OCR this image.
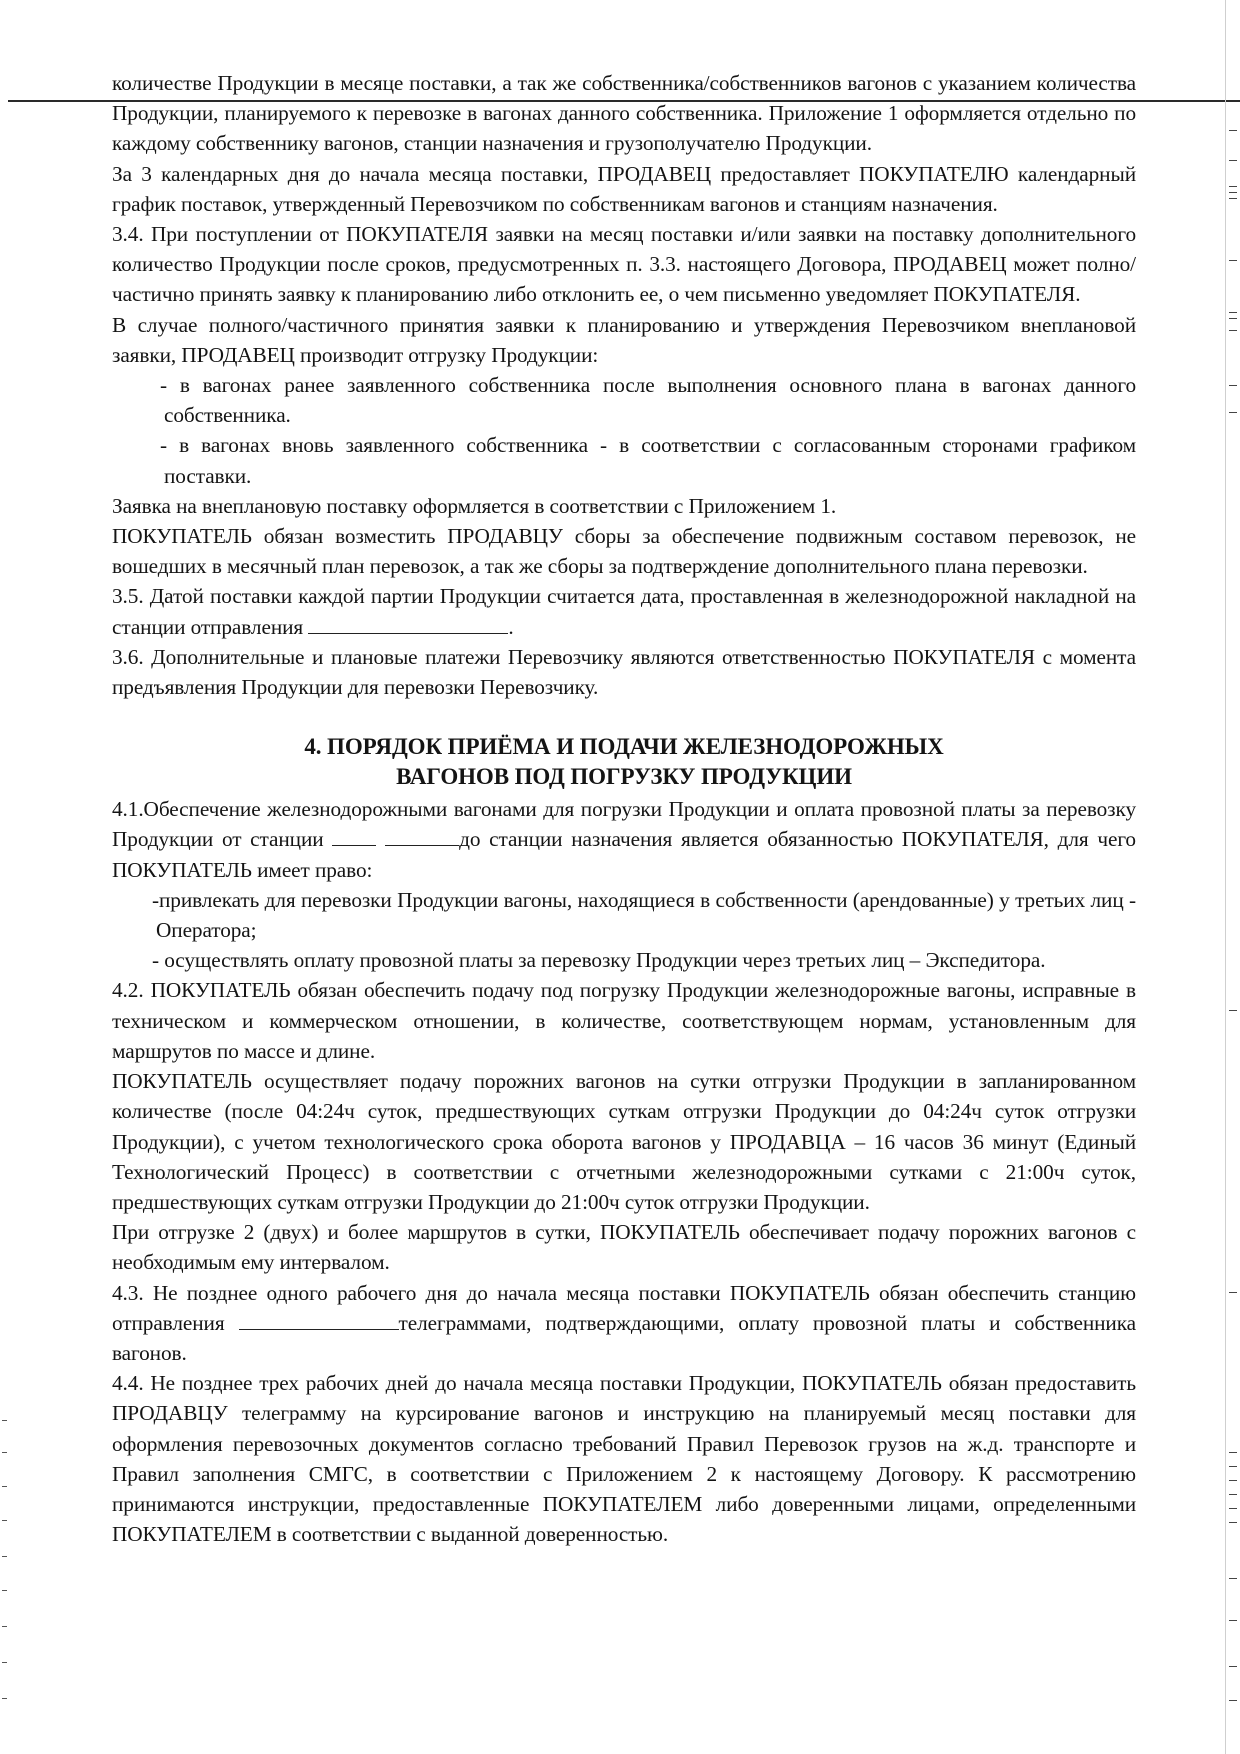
количестве Продукции в месяце поставки, а так же собственника/собственников вагонов с указанием количества Продукции, планируемого к перевозке в вагонах данного собственника. Приложение 1 оформляется отдельно по каждому собственнику вагонов, станции назначения и грузополучателю Продукции.

За 3 календарных дня до начала месяца поставки, ПРОДАВЕЦ предоставляет ПОКУПАТЕЛЮ календарный график поставок, утвержденный Перевозчиком по собственникам вагонов и станциям назначения.

3.4. При поступлении от ПОКУПАТЕЛЯ заявки на месяц поставки и/или заявки на поставку дополнительного количество Продукции после сроков, предусмотренных п. 3.3. настоящего Договора, ПРОДАВЕЦ может полно/частично принять заявку к планированию либо отклонить ее, о чем письменно уведомляет ПОКУПАТЕЛЯ.

В случае полного/частичного принятия заявки к планированию и утверждения Перевозчиком внеплановой заявки, ПРОДАВЕЦ производит отгрузку Продукции:

- в вагонах ранее заявленного собственника после выполнения основного плана в вагонах данного собственника.

- в вагонах вновь заявленного собственника - в соответствии с согласованным сторонами графиком поставки.

Заявка на внеплановую поставку оформляется в соответствии с Приложением 1.

ПОКУПАТЕЛЬ обязан возместить ПРОДАВЦУ сборы за обеспечение подвижным составом перевозок, не вошедших в месячный план перевозок, а так же сборы за подтверждение дополнительного плана перевозки.

3.5. Датой поставки каждой партии Продукции считается дата, проставленная в железнодорожной накладной на станции отправления	.

3.6. Дополнительные и плановые платежи Перевозчику являются ответственностью ПОКУПАТЕЛЯ с момента предъявления Продукции для перевозки Перевозчику.

4. ПОРЯДОК ПРИЁМА И ПОДАЧИ ЖЕЛЕЗНОДОРОЖНЫХ
ВАГОНОВ ПОД ПОГРУЗКУ ПРОДУКЦИИ

4.1.Обеспечение железнодорожными вагонами для погрузки Продукции и оплата провозной платы за перевозку Продукции от станции	до станции назначения является обязанностью ПОКУПАТЕЛЯ, для чего ПОКУПАТЕЛЬ имеет право:

-привлекать для перевозки Продукции вагоны, находящиеся в собственности (арендованные) у третьих лиц - Оператора;

- осуществлять оплату провозной платы за перевозку Продукции через третьих лиц – Экспедитора.

4.2. ПОКУПАТЕЛЬ обязан обеспечить подачу под погрузку Продукции железнодорожные вагоны, исправные в техническом и коммерческом отношении, в количестве, соответствующем нормам, установленным для маршрутов по массе и длине.

ПОКУПАТЕЛЬ осуществляет подачу порожних вагонов на сутки отгрузки Продукции в запланированном количестве (после 04:24ч суток, предшествующих суткам отгрузки Продукции до 04:24ч суток отгрузки Продукции), с учетом технологического срока оборота вагонов у ПРОДАВЦА – 16 часов 36 минут (Единый Технологический Процесс) в соответствии с отчетными железнодорожными сутками с 21:00ч суток, предшествующих суткам отгрузки Продукции до 21:00ч суток отгрузки Продукции.

При отгрузке 2 (двух) и более маршрутов в сутки, ПОКУПАТЕЛЬ обеспечивает подачу порожних вагонов с необходимым ему интервалом.

4.3. Не позднее одного рабочего дня до начала месяца поставки ПОКУПАТЕЛЬ обязан обеспечить станцию отправления	телеграммами, подтверждающими, оплату провозной платы и собственника вагонов.

4.4. Не позднее трех рабочих дней до начала месяца поставки Продукции, ПОКУПАТЕЛЬ обязан предоставить ПРОДАВЦУ телеграмму на курсирование вагонов и инструкцию на планируемый месяц поставки для оформления перевозочных документов согласно требований Правил Перевозок грузов на ж.д. транспорте и Правил заполнения СМГС, в соответствии с Приложением 2 к настоящему Договору. К рассмотрению принимаются инструкции, предоставленные ПОКУПАТЕЛЕМ либо доверенными лицами, определенными ПОКУПАТЕЛЕМ в соответствии с выданной доверенностью.
